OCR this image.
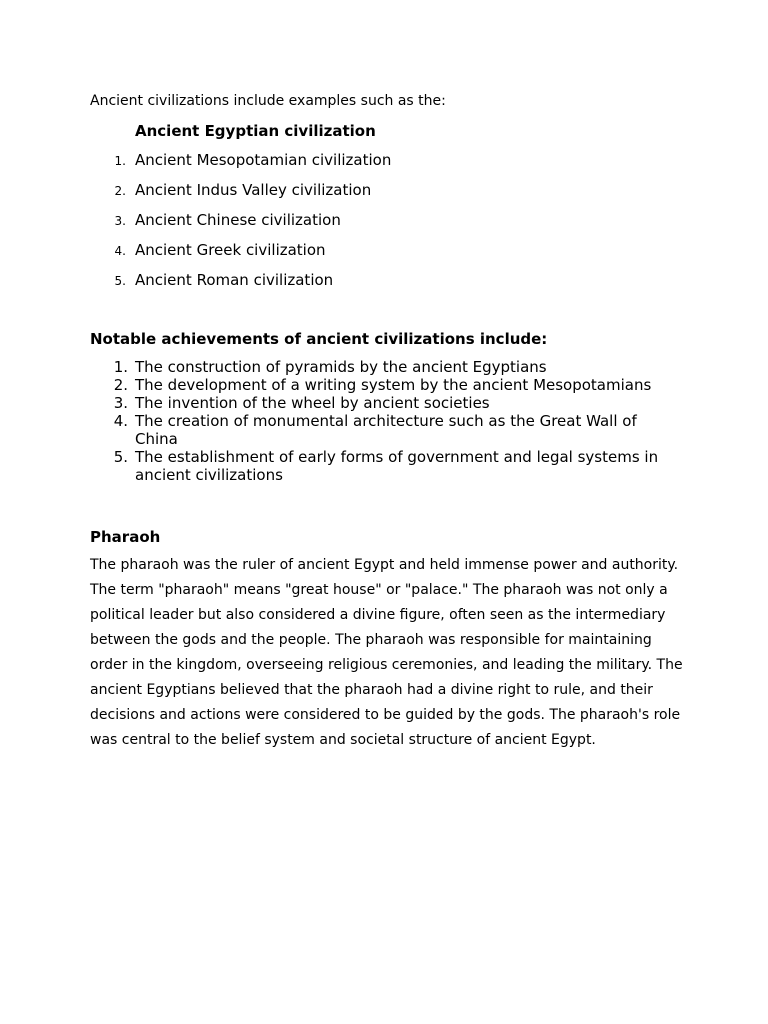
Ancient civilizations include examples such as the:

Ancient Egyptian civilization
1. Ancient Mesopotamian civilization
2. Ancient Indus Valley civilization
3. Ancient Chinese civilization
4. Ancient Greek civilization
5. Ancient Roman civilization
Notable achievements of ancient civilizations include:
1. The construction of pyramids by the ancient Egyptians
2. The development of a writing system by the ancient Mesopotamians
3. The invention of the wheel by ancient societies
4. The creation of monumental architecture such as the Great Wall of China
5. The establishment of early forms of government and legal systems in ancient civilizations
Pharaoh

The pharaoh was the ruler of ancient Egypt and held immense power and authority. The term "pharaoh" means "great house" or "palace." The pharaoh was not only a political leader but also considered a divine figure, often seen as the intermediary between the gods and the people. The pharaoh was responsible for maintaining order in the kingdom, overseeing religious ceremonies, and leading the military. The ancient Egyptians believed that the pharaoh had a divine right to rule, and their decisions and actions were considered to be guided by the gods. The pharaoh's role was central to the belief system and societal structure of ancient Egypt.
